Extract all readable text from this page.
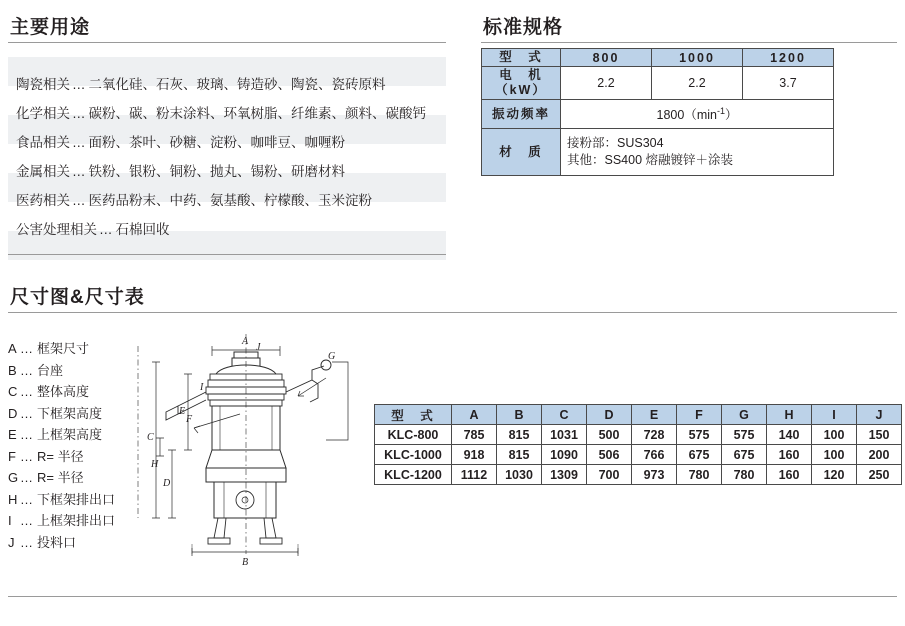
主要用途
陶瓷相关 … 二氧化硅、石灰、玻璃、铸造砂、陶瓷、瓷砖原料
化学相关 … 碳粉、碳、粉末涂料、环氧树脂、纤维素、颜料、碳酸钙
食品相关 … 面粉、茶叶、砂糖、淀粉、咖啡豆、咖喱粉
金属相关 … 铁粉、银粉、铜粉、抛丸、锡粉、研磨材料
医药相关 … 医药品粉末、中药、氨基酸、柠檬酸、玉米淀粉
公害处理相关 … 石棉回收
标准规格
型　式	800	1000	1200

电　机
（kW）	2.2	2.2	3.7
振动频率	$1800(\min^{-1})$		
材　质	接粉部：SUS304
其他：SS400 熔融镀锌＋涂装		
尺寸图&尺寸表
A … 框架尺寸
B … 台座
C … 整体高度
D … 下框架高度
E … 上框架高度
F … R= 半径
G … R= 半径
H … 下框架排出口
I … 上框架排出口
J … 投料口
A
B
C
D
E
F
G
H
I
J
型　式	A	B	C	D	E	F	G	H	I	J
KLC-800	785	815	1031	500	728	575	575	140	100	150
KLC-1000	918	815	1090	506	766	675	675	160	100	200
KLC-1200	1112	1030	1309	700	973	780	780	160	120	250
